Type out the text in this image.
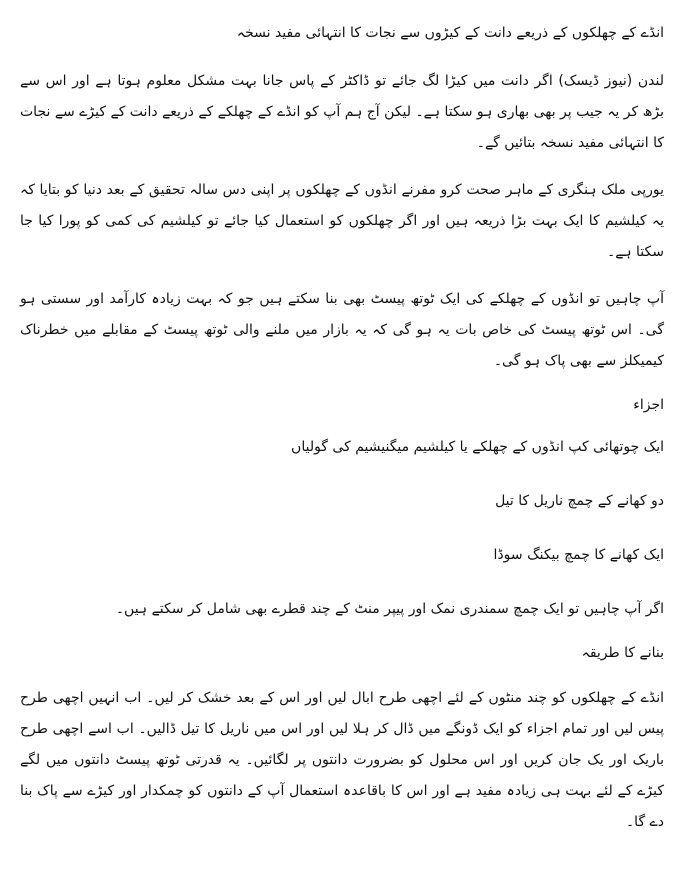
انڈے کے چھلکوں کے ذریعے دانت کے کیڑوں سے نجات کا انتہائی مفید نسخہ

لندن (نیوز ڈیسک) اگر دانت میں کیڑا لگ جائے تو ڈاکٹر کے پاس جانا بہت مشکل معلوم ہوتا ہے اور اس سے بڑھ کر یہ جیب پر بھی بھاری ہو سکتا ہے۔ لیکن آج ہم آپ کو انڈے کے چھلکے کے ذریعے دانت کے کیڑے سے نجات کا انتہائی مفید نسخہ بتائیں گے۔

یورپی ملک ہنگری کے ماہر صحت کرو مفرنے انڈوں کے چھلکوں پر اپنی دس سالہ تحقیق کے بعد دنیا کو بتایا کہ یہ کیلشیم کا ایک بہت بڑا ذریعہ ہیں اور اگر چھلکوں کو استعمال کیا جائے تو کیلشیم کی کمی کو پورا کیا جا سکتا ہے۔

آپ چاہیں تو انڈوں کے چھلکے کی ایک ٹوتھ پیسٹ بھی بنا سکتے ہیں جو کہ بہت زیادہ کارآمد اور سستی ہو گی۔ اس ٹوتھ پیسٹ کی خاص بات یہ ہو گی کہ یہ بازار میں ملنے والی ٹوتھ پیسٹ کے مقابلے میں خطرناک کیمیکلز سے بھی پاک ہو گی۔

اجزاء
ایک چوتھائی کپ انڈوں کے چھلکے یا کیلشیم میگنیشیم کی گولیاں
دو کھانے کے چمچ ناریل کا تیل
ایک کھانے کا چمچ بیکنگ سوڈا
اگر آپ چاہیں تو ایک چمچ سمندری نمک اور پیپر منٹ کے چند قطرے بھی شامل کر سکتے ہیں۔
بنانے کا طریقہ

انڈے کے چھلکوں کو چند منٹوں کے لئے اچھی طرح ابال لیں اور اس کے بعد خشک کر لیں۔ اب انہیں اچھی طرح پیس لیں اور تمام اجزاء کو ایک ڈونگے میں ڈال کر ہلا لیں اور اس میں ناریل کا تیل ڈالیں۔ اب اسے اچھی طرح باریک اور یک جان کریں اور اس محلول کو بضرورت دانتوں پر لگائیں۔ یہ قدرتی ٹوتھ پیسٹ دانتوں میں لگے کیڑے کے لئے بہت ہی زیادہ مفید ہے اور اس کا باقاعدہ استعمال آپ کے دانتوں کو چمکدار اور کیڑے سے پاک بنا دے گا۔
